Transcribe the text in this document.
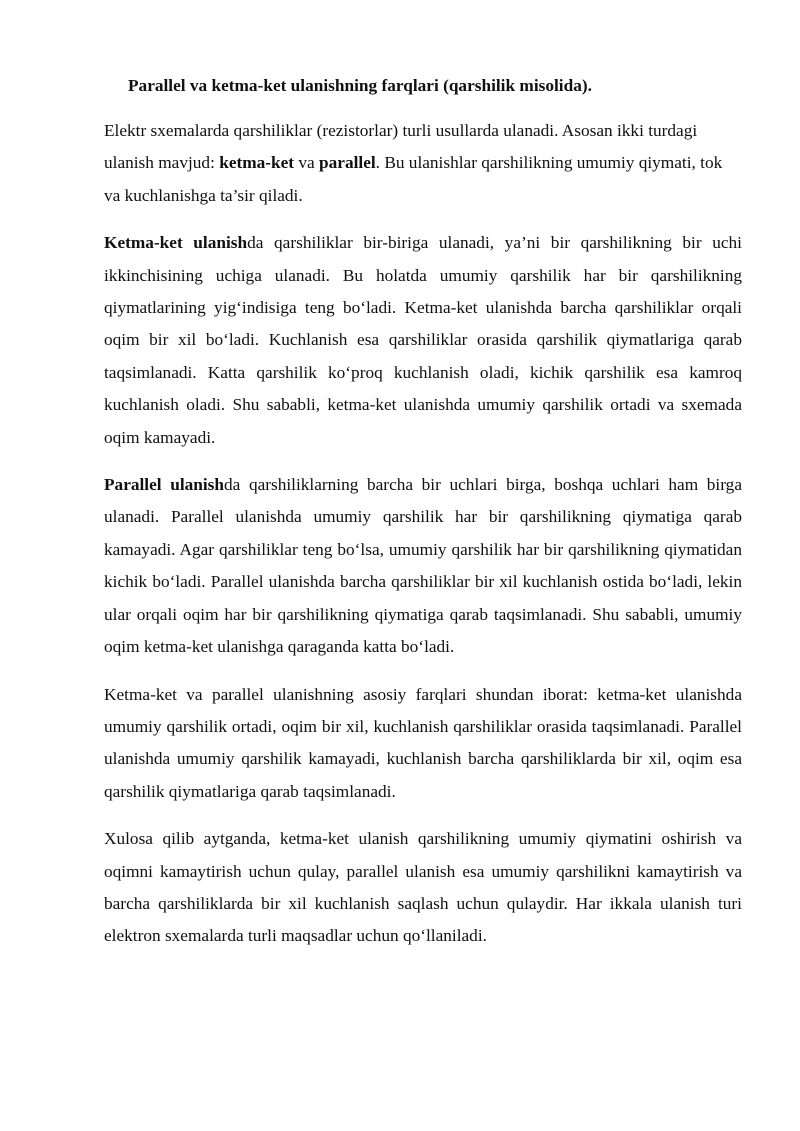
Parallel va ketma-ket ulanishning farqlari (qarshilik misolida).

Elektr sxemalarda qarshiliklar (rezistorlar) turli usullarda ulanadi. Asosan ikki turdagi ulanish mavjud: ketma-ket va parallel. Bu ulanishlar qarshilikning umumiy qiymati, tok va kuchlanishga ta’sir qiladi.

Ketma-ket ulanishda qarshiliklar bir-biriga ulanadi, ya’ni bir qarshilikning bir uchi ikkinchisining uchiga ulanadi. Bu holatda umumiy qarshilik har bir qarshilikning qiymatlarining yig‘indisiga teng bo‘ladi. Ketma-ket ulanishda barcha qarshiliklar orqali oqim bir xil bo‘ladi. Kuchlanish esa qarshiliklar orasida qarshilik qiymatlariga qarab taqsimlanadi. Katta qarshilik ko‘proq kuchlanish oladi, kichik qarshilik esa kamroq kuchlanish oladi. Shu sababli, ketma-ket ulanishda umumiy qarshilik ortadi va sxemada oqim kamayadi.

Parallel ulanishda qarshiliklarning barcha bir uchlari birga, boshqa uchlari ham birga ulanadi. Parallel ulanishda umumiy qarshilik har bir qarshilikning qiymatiga qarab kamayadi. Agar qarshiliklar teng bo‘lsa, umumiy qarshilik har bir qarshilikning qiymatidan kichik bo‘ladi. Parallel ulanishda barcha qarshiliklar bir xil kuchlanish ostida bo‘ladi, lekin ular orqali oqim har bir qarshilikning qiymatiga qarab taqsimlanadi. Shu sababli, umumiy oqim ketma-ket ulanishga qaraganda katta bo‘ladi.

Ketma-ket va parallel ulanishning asosiy farqlari shundan iborat: ketma-ket ulanishda umumiy qarshilik ortadi, oqim bir xil, kuchlanish qarshiliklar orasida taqsimlanadi. Parallel ulanishda umumiy qarshilik kamayadi, kuchlanish barcha qarshiliklarda bir xil, oqim esa qarshilik qiymatlariga qarab taqsimlanadi.

Xulosa qilib aytganda, ketma-ket ulanish qarshilikning umumiy qiymatini oshirish va oqimni kamaytirish uchun qulay, parallel ulanish esa umumiy qarshilikni kamaytirish va barcha qarshiliklarda bir xil kuchlanish saqlash uchun qulaydir. Har ikkala ulanish turi elektron sxemalarda turli maqsadlar uchun qo‘llaniladi.
